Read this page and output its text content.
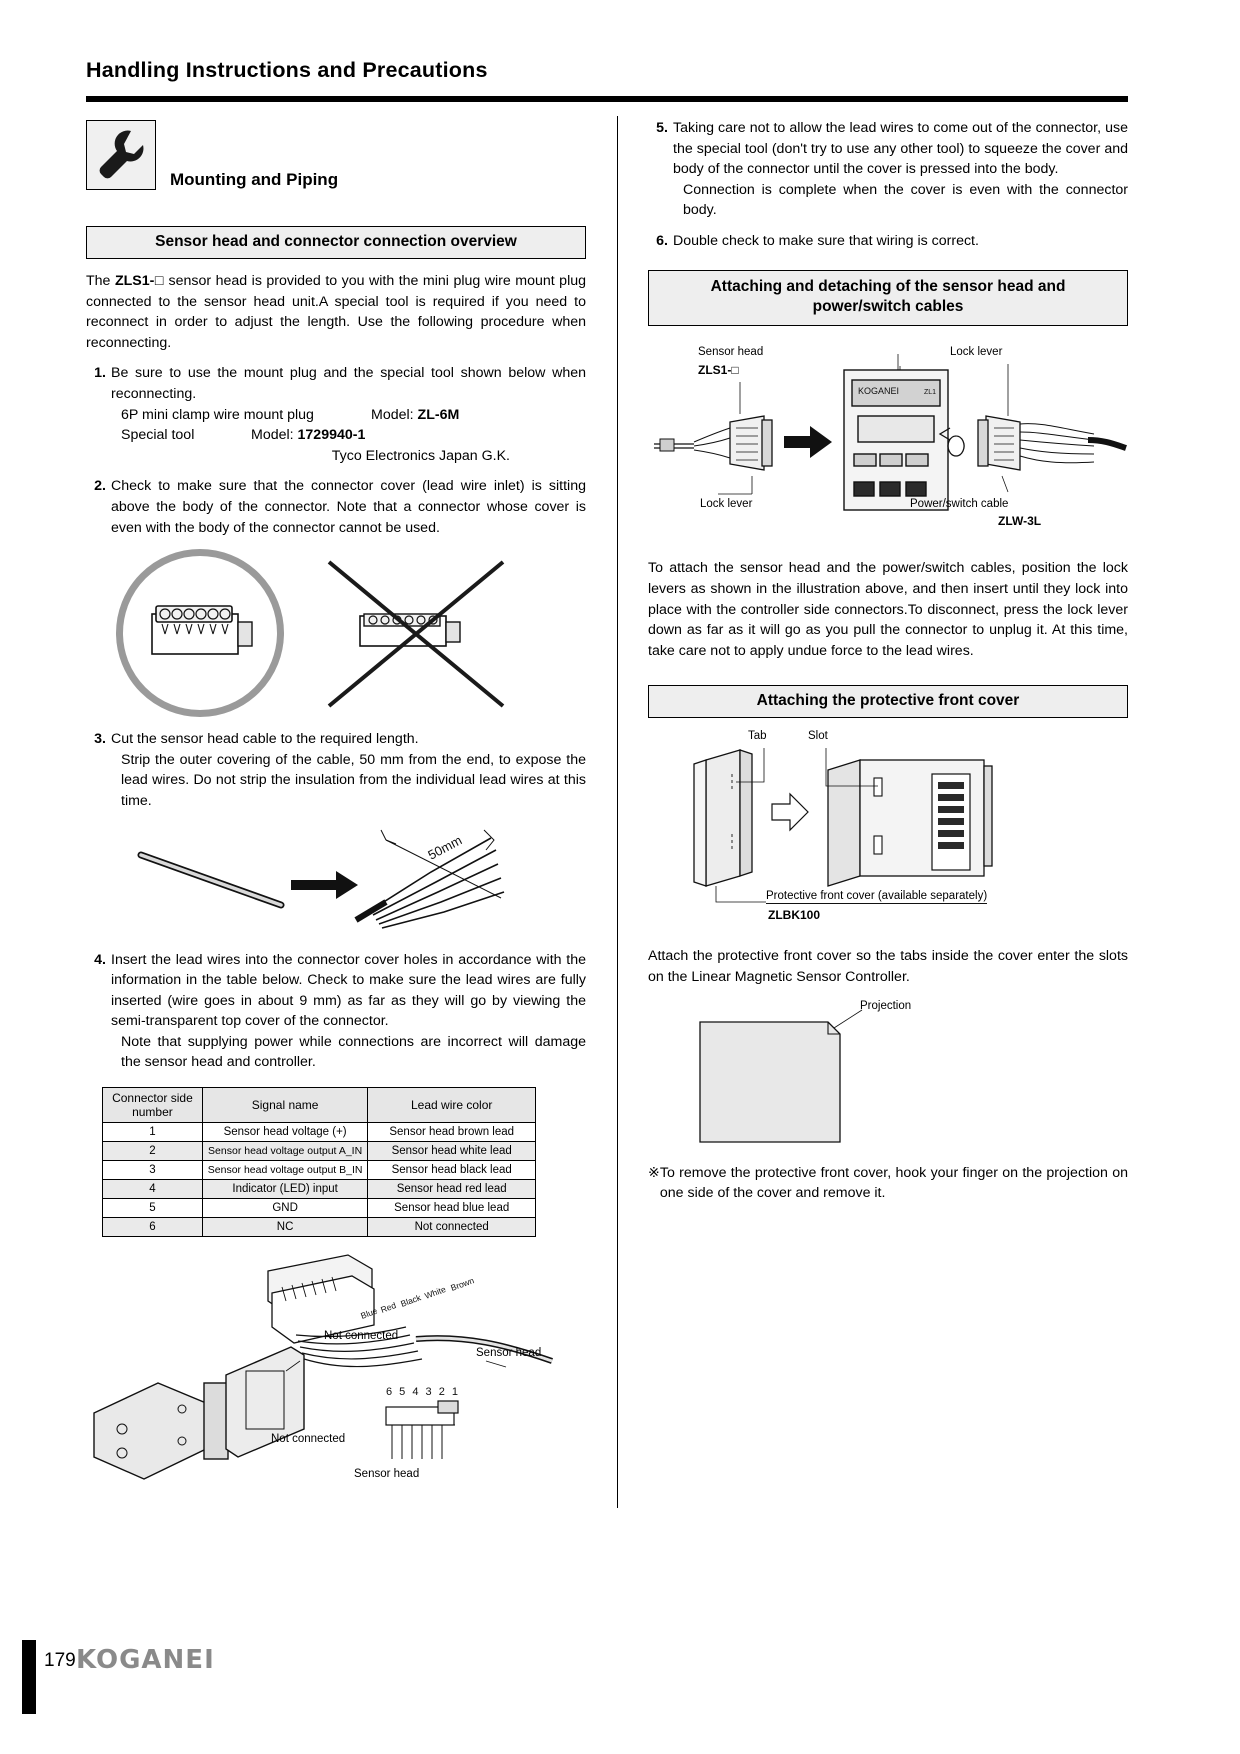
Handling Instructions and Precautions
Mounting and Piping
Sensor head and connector connection overview
The ZLS1-□ sensor head is provided to you with the mini plug wire mount plug connected to the sensor head unit.A special tool is required if you need to reconnect in order to adjust the length. Use the following procedure when reconnecting.
1. Be sure to use the mount plug and the special tool shown below when reconnecting.
6P mini clamp wire mount plug	Model: ZL-6M
Special tool	Model: 1729940-1
Tyco Electronics Japan G.K.
2. Check to make sure that the connector cover (lead wire inlet) is sitting above the body of the connector. Note that a connector whose cover is even with the body of the connector cannot be used.
3. Cut the sensor head cable to the required length.
Strip the outer covering of the cable, 50 mm from the end, to expose the lead wires. Do not strip the insulation from the individual lead wires at this time.
50mm
4. Insert the lead wires into the connector cover holes in accordance with the information in the table below. Check to make sure the lead wires are fully inserted (wire goes in about 9 mm) as far as they will go by viewing the semi-transparent top cover of the connector.
Note that supplying power while connections are incorrect will damage the sensor head and controller.
Connector side number	Signal name	Lead wire color
1	Sensor head voltage (+)	Sensor head brown lead
2	Sensor head voltage output A_IN	Sensor head white lead
3	Sensor head voltage output B_IN	Sensor head black lead
4	Indicator (LED) input	Sensor head red lead
5	GND	Sensor head blue lead
6	NC	Not connected
Blue Red Black White Brown
6 5 4 3 2 1
Not connected
Sensor head
Not connected
Sensor head
5. Taking care not to allow the lead wires to come out of the connector, use the special tool (don't try to use any other tool) to squeeze the cover and body of the connector until the cover is pressed into the body.
Connection is complete when the cover is even with the connector body.
6. Double check to make sure that wiring is correct.
Attaching and detaching of the sensor head and
power/switch cables
KOGANEI	ZL1
Sensor head
ZLS1-□
Lock lever
Lock lever	Power/switch cable
ZLW-3L
To attach the sensor head and the power/switch cables, position the lock levers as shown in the illustration above, and then insert until they lock into place with the controller side connectors.To disconnect, press the lock lever down as far as it will go as you pull the connector to unplug it. At this time, take care not to apply undue force to the lead wires.
Attaching the protective front cover
Tab	Slot
Protective front cover (available separately)
ZLBK100
Attach the protective front cover so the tabs inside the cover enter the slots on the Linear Magnetic Sensor Controller.
Projection
※ To remove the protective front cover, hook your finger on the projection on one side of the cover and remove it.
179 KOGANEI
